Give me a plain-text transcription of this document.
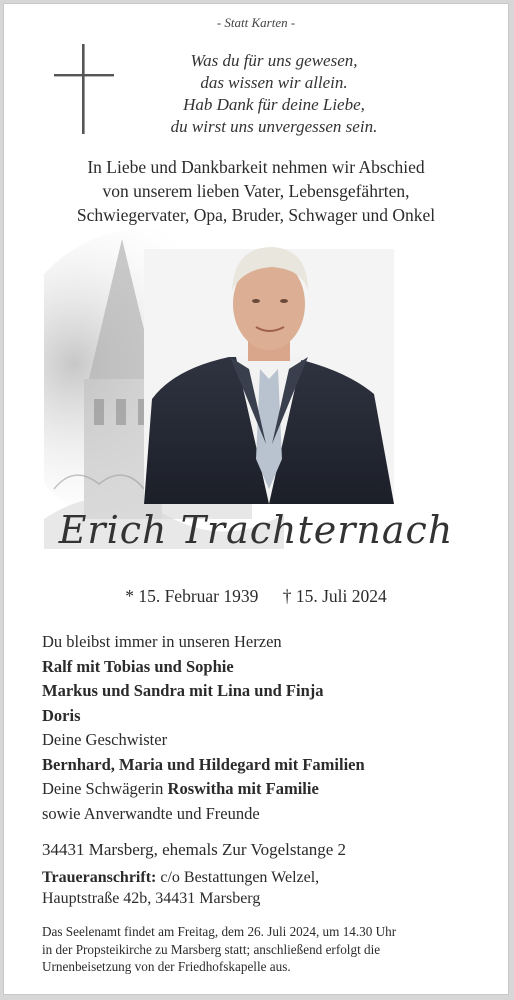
- Statt Karten -
Was du für uns gewesen,
das wissen wir allein.
Hab Dank für deine Liebe,
du wirst uns unvergessen sein.
In Liebe und Dankbarkeit nehmen wir Abschied
von unserem lieben Vater, Lebensgefährten,
Schwiegervater, Opa, Bruder, Schwager und Onkel
Erich Trachternach
* 15. Februar 1939 † 15. Juli 2024
Du bleibst immer in unseren Herzen
Ralf mit Tobias und Sophie
Markus und Sandra mit Lina und Finja
Doris
Deine Geschwister
Bernhard, Maria und Hildegard mit Familien
Deine Schwägerin Roswitha mit Familie
sowie Anverwandte und Freunde
34431 Marsberg, ehemals Zur Vogelstange 2
Traueranschrift: c/o Bestattungen Welzel,
Hauptstraße 42b, 34431 Marsberg
Das Seelenamt findet am Freitag, dem 26. Juli 2024, um 14.30 Uhr
in der Propsteikirche zu Marsberg statt; anschließend erfolgt die
Urnenbeisetzung von der Friedhofskapelle aus.
